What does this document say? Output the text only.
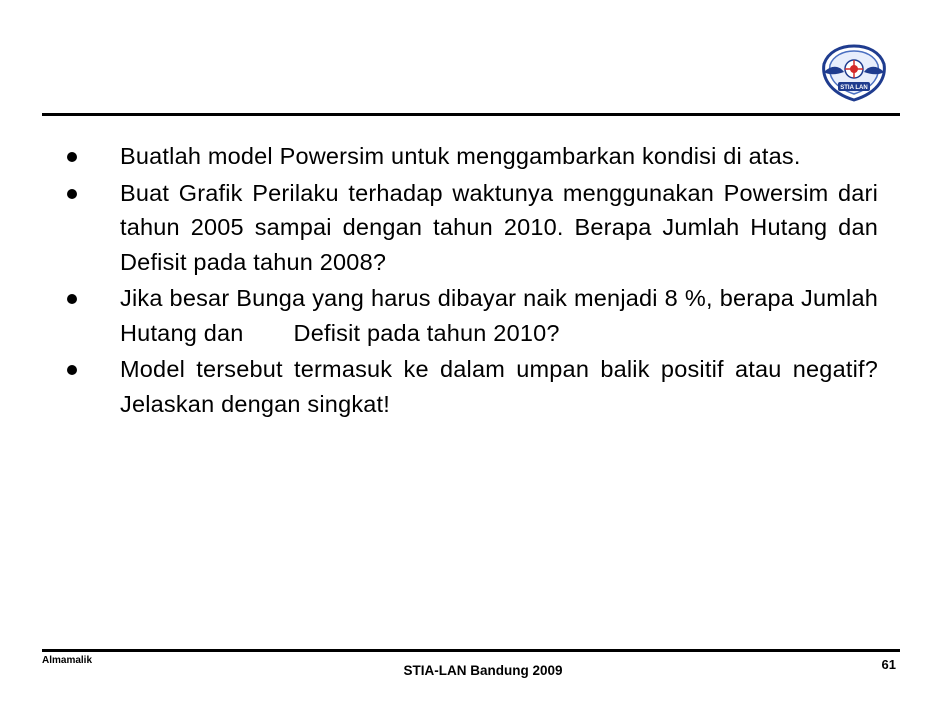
STIA LAN
Buatlah model Powersim untuk menggambarkan kondisi di atas.
Buat Grafik Perilaku terhadap waktunya menggunakan Powersim dari tahun 2005 sampai dengan tahun 2010. Berapa Jumlah Hutang dan Defisit pada tahun 2008?
Jika besar Bunga yang harus dibayar naik menjadi 8 %, berapa Jumlah Hutang dan Defisit pada tahun 2010?
Model tersebut termasuk ke dalam umpan balik positif atau negatif? Jelaskan dengan singkat!
Almamalik
STIA-LAN Bandung 2009	61
